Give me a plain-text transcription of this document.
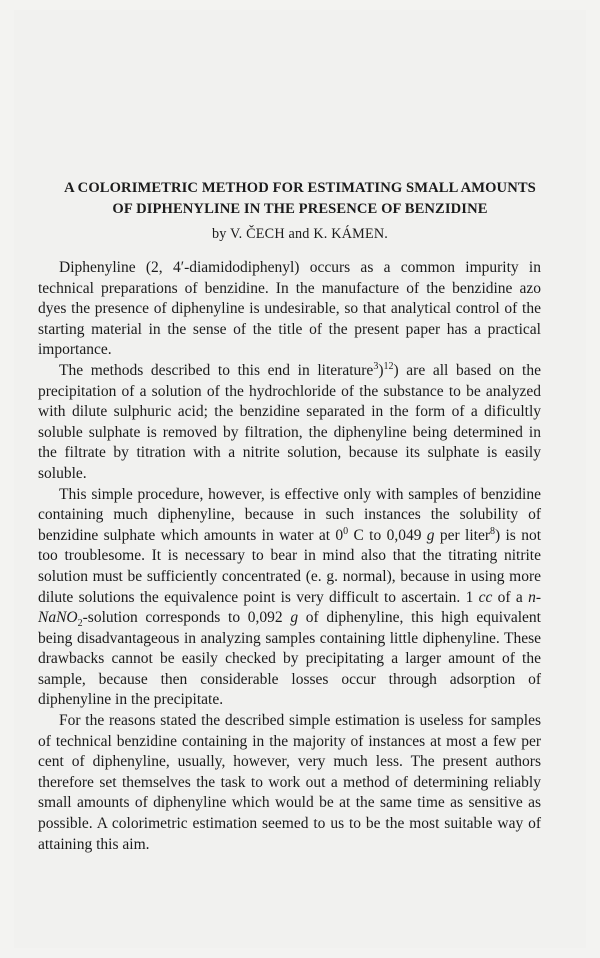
A COLORIMETRIC METHOD FOR ESTIMATING SMALL AMOUNTS
OF DIPHENYLINE IN THE PRESENCE OF BENZIDINE
by V. ČECH and K. KÁMEN.

Diphenyline (2, 4′-diamidodiphenyl) occurs as a common impurity in technical preparations of benzidine. In the manufacture of the benzidine azo dyes the presence of diphenyline is undesirable, so that analytical control of the starting material in the sense of the title of the present paper has a practical importance.

The methods described to this end in literature$^3$)$^{12}$) are all based on the precipitation of a solution of the hydrochloride of the substance to be analyzed with dilute sulphuric acid; the benzidine separated in the form of a dificultly soluble sulphate is removed by filtration, the diphenyline being determined in the filtrate by titration with a nitrite solution, because its sulphate is easily soluble.

This simple procedure, however, is effective only with samples of benzidine containing much diphenyline, because in such instances the solubility of benzidine sulphate which amounts in water at $0^0$ C to 0,049 g per liter$^8$) is not too troublesome. It is necessary to bear in mind also that the titrating nitrite solution must be sufficiently concentrated (e. g. normal), because in using more dilute solutions the equivalence point is very difficult to ascertain. 1 cc of a n-NaNO$_2$-solution corresponds to 0,092 g of diphenyline, this high equivalent being disadvantageous in analyzing samples containing little diphenyline. These drawbacks cannot be easily checked by precipitating a larger amount of the sample, because then considerable losses occur through adsorption of diphenyline in the precipitate.

For the reasons stated the described simple estimation is useless for samples of technical benzidine containing in the majority of instances at most a few per cent of diphenyline, usually, however, very much less. The present authors therefore set themselves the task to work out a method of determining reliably small amounts of diphenyline which would be at the same time as sensitive as possible. A colorimetric estimation seemed to us to be the most suitable way of attaining this aim.
